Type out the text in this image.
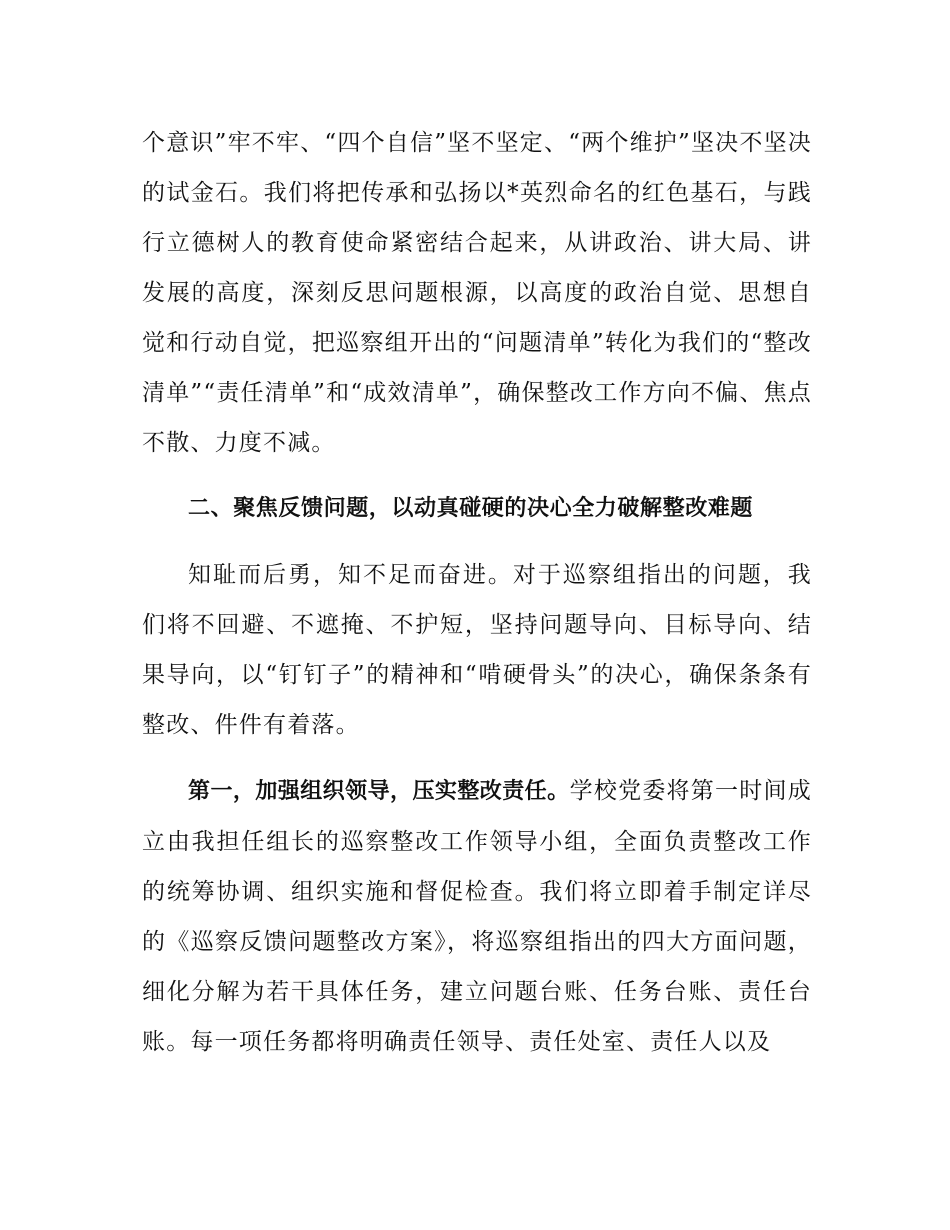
个意识”牢不牢、“四个自信”坚不坚定、“两个维护”坚决不坚决的试金石。我们将把传承和弘扬以*英烈命名的红色基石，与践行立德树人的教育使命紧密结合起来，从讲政治、讲大局、讲发展的高度，深刻反思问题根源，以高度的政治自觉、思想自觉和行动自觉，把巡察组开出的“问题清单”转化为我们的“整改清单”“责任清单”和“成效清单”，确保整改工作方向不偏、焦点不散、力度不减。

二、聚焦反馈问题，以动真碰硬的决心全力破解整改难题

知耻而后勇，知不足而奋进。对于巡察组指出的问题，我们将不回避、不遮掩、不护短，坚持问题导向、目标导向、结果导向，以“钉钉子”的精神和“啃硬骨头”的决心，确保条条有整改、件件有着落。

第一，加强组织领导，压实整改责任。学校党委将第一时间成立由我担任组长的巡察整改工作领导小组，全面负责整改工作的统筹协调、组织实施和督促检查。我们将立即着手制定详尽的《巡察反馈问题整改方案》，将巡察组指出的四大方面问题，细化分解为若干具体任务，建立问题台账、任务台账、责任台账。每一项任务都将明确责任领导、责任处室、责任人以及
